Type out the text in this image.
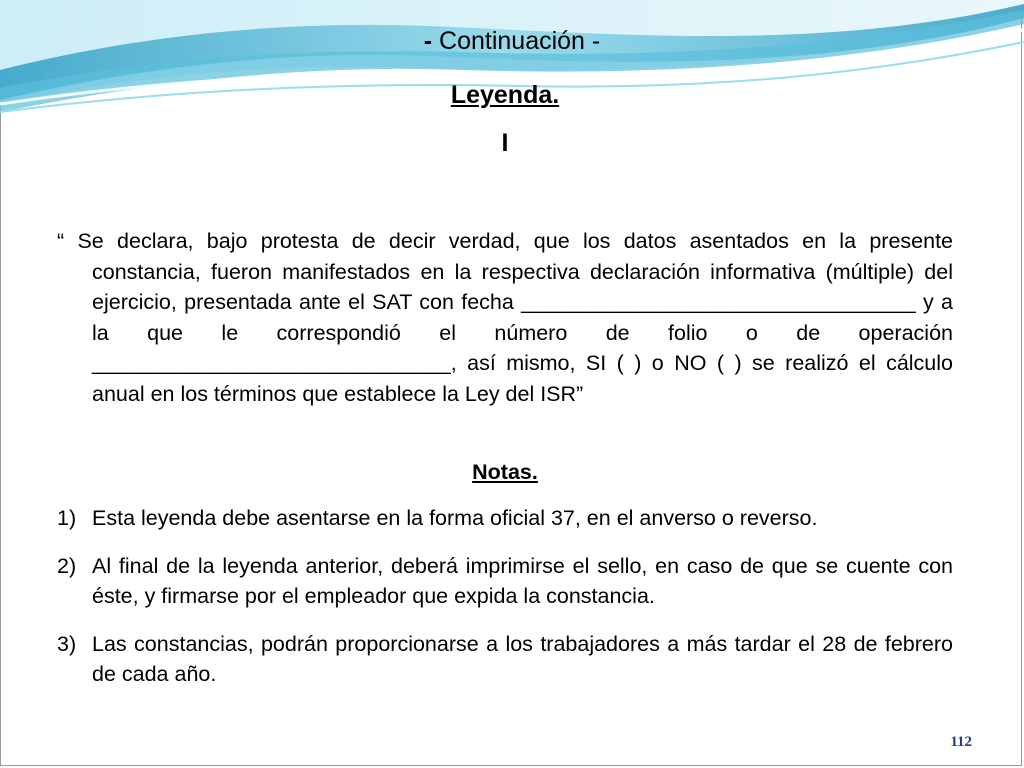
- Continuación -
Leyenda.
I
“ Se declara, bajo protesta de decir verdad, que los datos asentados en la presente constancia, fueron manifestados en la respectiva declaración informativa (múltiple) del ejercicio, presentada ante el SAT con fecha _________________________________ y a la que le correspondió el número de folio o de operación ______________________________, así mismo, SI ( ) o NO ( ) se realizó el cálculo anual en los términos que establece la Ley del ISR”
Notas.
1) Esta leyenda debe asentarse en la forma oficial 37, en el anverso o reverso.
2) Al final de la leyenda anterior, deberá imprimirse el sello, en caso de que se cuente con éste, y firmarse por el empleador que expida la constancia.
3) Las constancias, podrán proporcionarse a los trabajadores a más tardar el 28 de febrero de cada año.
112
